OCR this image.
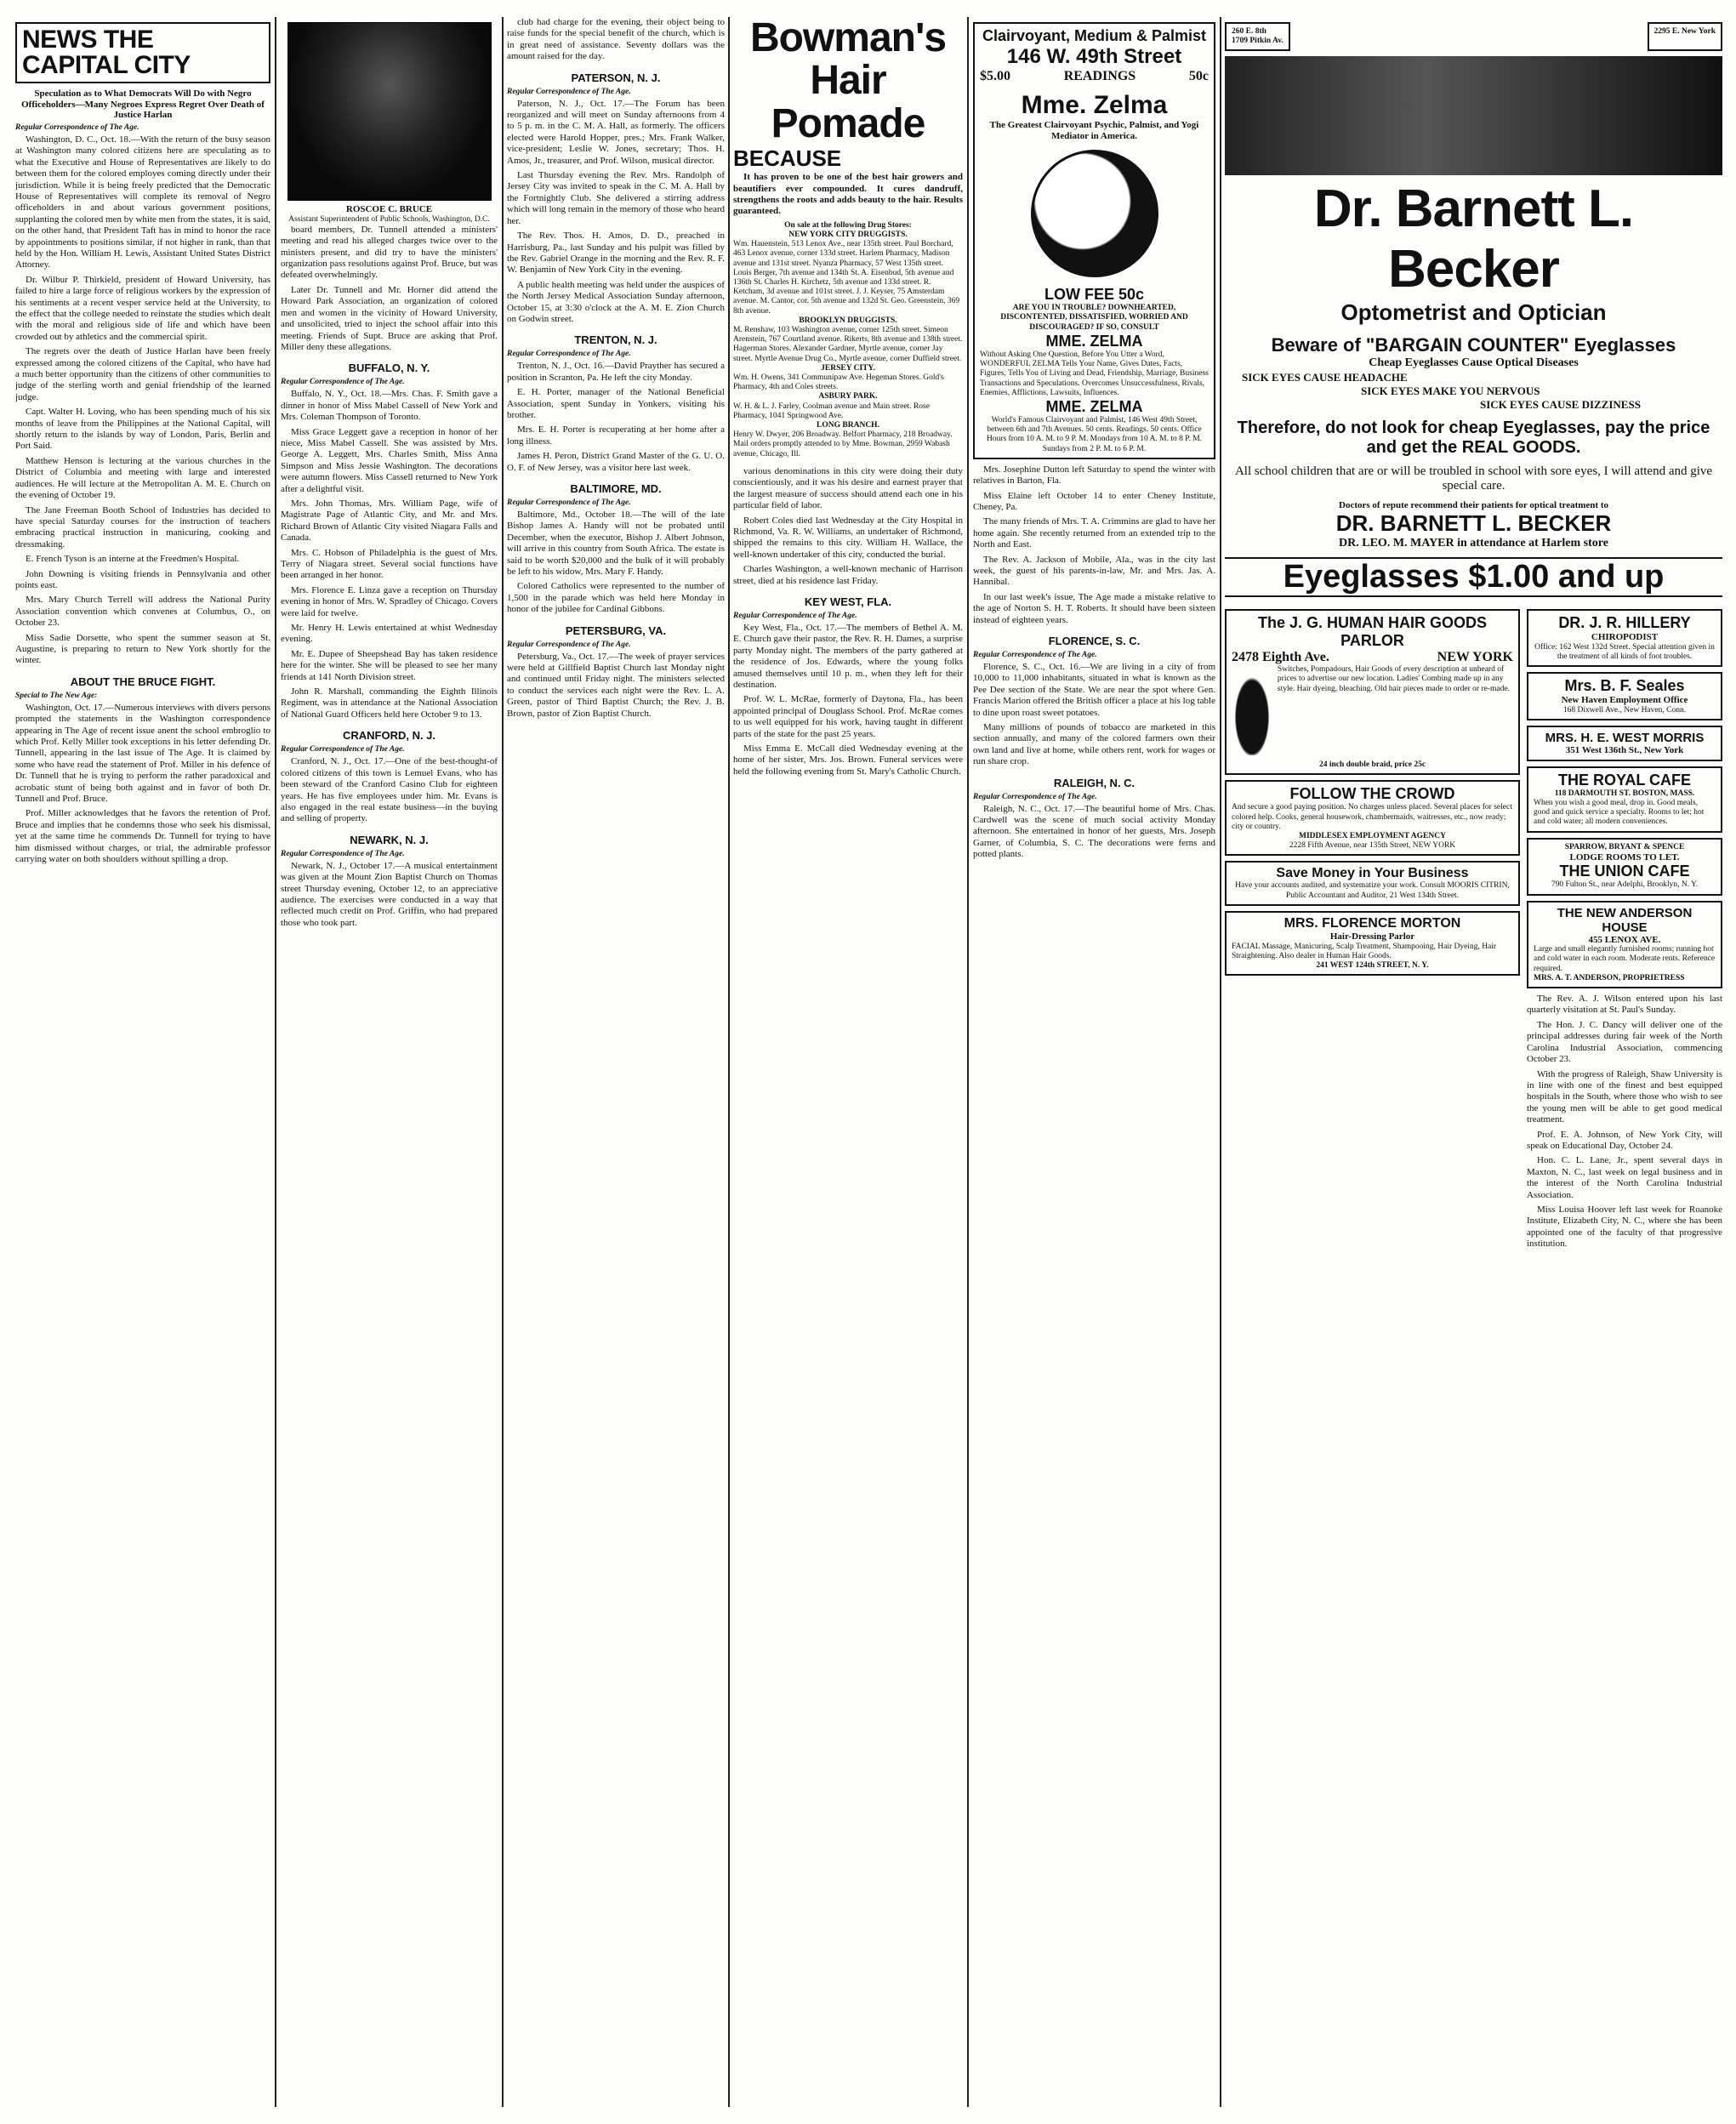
NEWS THE CAPITAL CITY
Speculation as to What Democrats Will Do with Negro Officeholders—Many Negroes Express Regret Over Death of Justice Harlan
Regular Correspondence of The Age.

Washington, D. C., Oct. 18.—With the return of the busy season at Washington many colored citizens here are speculating as to what the Executive and House of Representatives are likely to do between them for the colored employes coming directly under their jurisdiction. While it is being freely predicted that the Democratic House of Representatives will complete its removal of Negro officeholders in and about various government positions, supplanting the colored men by white men from the states, it is said, on the other hand, that President Taft has in mind to honor the race by appointments to positions similar, if not higher in rank, than that held by the Hon. William H. Lewis, Assistant United States District Attorney.

Dr. Wilbur P. Thirkield, president of Howard University, has failed to hire a large force of religious workers by the expression of his sentiments at a recent vesper service held at the University, to the effect that the college needed to reinstate the studies which dealt with the moral and religious side of life and which have been crowded out by athletics and the commercial spirit.

The regrets over the death of Justice Harlan have been freely expressed among the colored citizens of the Capital, who have had a much better opportunity than the citizens of other communities to judge of the sterling worth and genial friendship of the learned judge.

Capt. Walter H. Loving, who has been spending much of his six months of leave from the Philippines at the National Capital, will shortly return to the islands by way of London, Paris, Berlin and Port Said.

Matthew Henson is lecturing at the various churches in the District of Columbia and meeting with large and interested audiences. He will lecture at the Metropolitan A. M. E. Church on the evening of October 19.

The Jane Freeman Booth School of Industries has decided to have special Saturday courses for the instruction of teachers embracing practical instruction in manicuring, cooking and dressmaking.

E. French Tyson is an interne at the Freedmen's Hospital.

John Downing is visiting friends in Pennsylvania and other points east.

Mrs. Mary Church Terrell will address the National Purity Association convention which convenes at Columbus, O., on October 23.

Miss Sadie Dorsette, who spent the summer season at St. Augustine, is preparing to return to New York shortly for the winter.

ABOUT THE BRUCE FIGHT.
Special to The New Age:

Washington, Oct. 17.—Numerous interviews with divers persons prompted the statements in the Washington correspondence appearing in The Age of recent issue anent the school embroglio to which Prof. Kelly Miller took exceptions in his letter defending Dr. Tunnell, appearing in the last issue of The Age. It is claimed by some who have read the statement of Prof. Miller in his defence of Dr. Tunnell that he is trying to perform the rather paradoxical and acrobatic stunt of being both against and in favor of both Dr. Tunnell and Prof. Bruce.

Prof. Miller acknowledges that he favors the retention of Prof. Bruce and implies that he condemns those who seek his dismissal, yet at the same time he commends Dr. Tunnell for trying to have him dismissed without charges, or trial, the admirable professor carrying water on both shoulders without spilling a drop.

ROSCOE C. BRUCE
Assistant Superintendent of Public Schools, Washington, D.C.

board members, Dr. Tunnell attended a ministers' meeting and read his alleged charges twice over to the ministers present, and did try to have the ministers' organization pass resolutions against Prof. Bruce, but was defeated overwhelmingly.

Later Dr. Tunnell and Mr. Horner did attend the Howard Park Association, an organization of colored men and women in the vicinity of Howard University, and unsolicited, tried to inject the school affair into this meeting. Friends of Supt. Bruce are asking that Prof. Miller deny these allegations.

BUFFALO, N. Y.
Regular Correspondence of The Age.

Buffalo, N. Y., Oct. 18.—Mrs. Chas. F. Smith gave a dinner in honor of Miss Mabel Cassell of New York and Mrs. Coleman Thompson of Toronto.

Miss Grace Leggett gave a reception in honor of her niece, Miss Mabel Cassell. She was assisted by Mrs. George A. Leggett, Mrs. Charles Smith, Miss Anna Simpson and Miss Jessie Washington. The decorations were autumn flowers. Miss Cassell returned to New York after a delightful visit.

Mrs. John Thomas, Mrs. William Page, wife of Magistrate Page of Atlantic City, and Mr. and Mrs. Richard Brown of Atlantic City visited Niagara Falls and Canada.

Mrs. C. Hobson of Philadelphia is the guest of Mrs. Terry of Niagara street. Several social functions have been arranged in her honor.

Mrs. Florence E. Linza gave a reception on Thursday evening in honor of Mrs. W. Spradley of Chicago. Covers were laid for twelve.

Mr. Henry H. Lewis entertained at whist Wednesday evening.

Mr. E. Dupee of Sheepshead Bay has taken residence here for the winter. She will be pleased to see her many friends at 141 North Division street.

John R. Marshall, commanding the Eighth Illinois Regiment, was in attendance at the National Association of National Guard Officers held here October 9 to 13.

CRANFORD, N. J.
Regular Correspondence of The Age.

Cranford, N. J., Oct. 17.—One of the best-thought-of colored citizens of this town is Lemuel Evans, who has been steward of the Cranford Casino Club for eighteen years. He has five employees under him. Mr. Evans is also engaged in the real estate business—in the buying and selling of property.

NEWARK, N. J.
Regular Correspondence of The Age.

Newark, N. J., October 17.—A musical entertainment was given at the Mount Zion Baptist Church on Thomas street Thursday evening, October 12, to an appreciative audience. The exercises were conducted in a way that reflected much credit on Prof. Griffin, who had prepared those who took part.

club had charge for the evening, their object being to raise funds for the special benefit of the church, which is in great need of assistance. Seventy dollars was the amount raised for the day.

PATERSON, N. J.
Regular Correspondence of The Age.

Paterson, N. J., Oct. 17.—The Forum has been reorganized and will meet on Sunday afternoons from 4 to 5 p. m. in the C. M. A. Hall, as formerly. The officers elected were Harold Hopper, pres.; Mrs. Frank Walker, vice-president; Leslie W. Jones, secretary; Thos. H. Amos, Jr., treasurer, and Prof. Wilson, musical director.

Last Thursday evening the Rev. Mrs. Randolph of Jersey City was invited to speak in the C. M. A. Hall by the Fortnightly Club. She delivered a stirring address which will long remain in the memory of those who heard her.

The Rev. Thos. H. Amos, D. D., preached in Harrisburg, Pa., last Sunday and his pulpit was filled by the Rev. Gabriel Orange in the morning and the Rev. R. F. W. Benjamin of New York City in the evening.

A public health meeting was held under the auspices of the North Jersey Medical Association Sunday afternoon, October 15, at 3:30 o'clock at the A. M. E. Zion Church on Godwin street.

TRENTON, N. J.
Regular Correspondence of The Age.

Trenton, N. J., Oct. 16.—David Prayther has secured a position in Scranton, Pa. He left the city Monday.

E. H. Porter, manager of the National Beneficial Association, spent Sunday in Yonkers, visiting his brother.

Mrs. E. H. Porter is recuperating at her home after a long illness.

James H. Peron, District Grand Master of the G. U. O. O. F. of New Jersey, was a visitor here last week.

BALTIMORE, MD.
Regular Correspondence of The Age.

Baltimore, Md., October 18.—The will of the late Bishop James A. Handy will not be probated until December, when the executor, Bishop J. Albert Johnson, will arrive in this country from South Africa. The estate is said to be worth $20,000 and the bulk of it will probably be left to his widow, Mrs. Mary F. Handy.

Colored Catholics were represented to the number of 1,500 in the parade which was held here Monday in honor of the jubilee for Cardinal Gibbons.

PETERSBURG, VA.
Regular Correspondence of The Age.

Petersburg, Va., Oct. 17.—The week of prayer services were held at Gillfield Baptist Church last Monday night and continued until Friday night. The ministers selected to conduct the services each night were the Rev. L. A. Green, pastor of Third Baptist Church; the Rev. J. B. Brown, pastor of Zion Baptist Church.

Bowman's Hair Pomade
BECAUSE

It has proven to be one of the best hair growers and beautifiers ever compounded. It cures dandruff, strengthens the roots and adds beauty to the hair. Results guaranteed.

On sale at the following Drug Stores:
NEW YORK CITY DRUGGISTS.
Wm. Hauenstein, 513 Lenox Ave., near 135th street. Paul Borchard, 463 Lenox avenue, corner 133d street. Harlem Pharmacy, Madison avenue and 131st street. Nyanza Pharmacy, 57 West 135th street. Louis Berger, 7th avenue and 134th St. A. Eisenbud, 5th avenue and 136th St. Charles H. Kirchetz, 5th avenue and 133d street. R. Ketcham, 3d avenue and 101st street. J. J. Keyser, 75 Amsterdam avenue. M. Cantor, cor. 5th avenue and 132d St. Geo. Greenstein, 369 8th avenue.
BROOKLYN DRUGGISTS.
M. Renshaw, 103 Washington avenue, corner 125th street. Simeon Arenstein, 767 Courtland avenue. Rikerts, 8th avenue and 138th street. Hagerman Stores. Alexander Gardner, Myrtle avenue, corner Jay street. Myrtle Avenue Drug Co., Myrtle avenue, corner Duffield street.
JERSEY CITY.
Wm. H. Owens, 341 Communipaw Ave. Hegeman Stores. Gold's Pharmacy, 4th and Coles streets.
ASBURY PARK.
W. H. & L. J. Farley, Coolman avenue and Main street. Rose Pharmacy, 1041 Springwood Ave.
LONG BRANCH.
Henry W. Dwyer, 206 Broadway. Belfort Pharmacy, 218 Broadway. Mail orders promptly attended to by Mme. Bowman, 2959 Wabash avenue, Chicago, Ill.

various denominations in this city were doing their duty conscientiously, and it was his desire and earnest prayer that the largest measure of success should attend each one in his particular field of labor.

Robert Coles died last Wednesday at the City Hospital in Richmond, Va. R. W. Williams, an undertaker of Richmond, shipped the remains to this city. William H. Wallace, the well-known undertaker of this city, conducted the burial.

Charles Washington, a well-known mechanic of Harrison street, died at his residence last Friday.

KEY WEST, FLA.
Regular Correspondence of The Age.

Key West, Fla., Oct. 17.—The members of Bethel A. M. E. Church gave their pastor, the Rev. R. H. Dames, a surprise party Monday night. The members of the party gathered at the residence of Jos. Edwards, where the young folks amused themselves until 10 p. m., when they left for their destination.

Prof. W. L. McRae, formerly of Daytona, Fla., has been appointed principal of Douglass School. Prof. McRae comes to us well equipped for his work, having taught in different parts of the state for the past 25 years.

Miss Emma E. McCall died Wednesday evening at the home of her sister, Mrs. Jos. Brown. Funeral services were held the following evening from St. Mary's Catholic Church.

Clairvoyant, Medium & Palmist
146 W. 49th Street
$5.00	READINGS	50c
Mme. Zelma
The Greatest Clairvoyant Psychic, Palmist, and Yogi Mediator in America.
LOW FEE 50c
ARE YOU IN TROUBLE? DOWNHEARTED, DISCONTENTED, DISSATISFIED, WORRIED AND DISCOURAGED? IF SO, CONSULT
MME. ZELMA
Without Asking One Question, Before You Utter a Word, WONDERFUL ZELMA Tells Your Name, Gives Dates, Facts, Figures, Tells You of Living and Dead, Friendship, Marriage, Business Transactions and Speculations. Overcomes Unsuccessfulness, Rivals, Enemies, Afflictions, Lawsuits, Influences.
MME. ZELMA
World's Famous Clairvoyant and Palmist, 146 West 49th Street, between 6th and 7th Avenues. 50 cents. Readings. 50 cents. Office Hours from 10 A. M. to 9 P. M. Mondays from 10 A. M. to 8 P. M. Sundays from 2 P. M. to 6 P. M.

Mrs. Josephine Dutton left Saturday to spend the winter with relatives in Barton, Fla.

Miss Elaine left October 14 to enter Cheney Institute, Cheney, Pa.

The many friends of Mrs. T. A. Crimmins are glad to have her home again. She recently returned from an extended trip to the North and East.

The Rev. A. Jackson of Mobile, Ala., was in the city last week, the guest of his parents-in-law, Mr. and Mrs. Jas. A. Hannibal.

In our last week's issue, The Age made a mistake relative to the age of Norton S. H. T. Roberts. It should have been sixteen instead of eighteen years.

FLORENCE, S. C.
Regular Correspondence of The Age.

Florence, S. C., Oct. 16.—We are living in a city of from 10,000 to 11,000 inhabitants, situated in what is known as the Pee Dee section of the State. We are near the spot where Gen. Francis Marion offered the British officer a place at his log table to dine upon roast sweet potatoes.

Many millions of pounds of tobacco are marketed in this section annually, and many of the colored farmers own their own land and live at home, while others rent, work for wages or run share crop.

RALEIGH, N. C.
Regular Correspondence of The Age.

Raleigh, N. C., Oct. 17.—The beautiful home of Mrs. Chas. Cardwell was the scene of much social activity Monday afternoon. She entertained in honor of her guests, Mrs. Joseph Garner, of Columbia, S. C. The decorations were ferns and potted plants.

260 E. 8th
1709 Pitkin Av.
2295 E. New York
Dr. Barnett L. Becker
Optometrist and Optician
Beware of "BARGAIN COUNTER" Eyeglasses
Cheap Eyeglasses Cause Optical Diseases
SICK EYES CAUSE HEADACHE
SICK EYES MAKE YOU NERVOUS
SICK EYES CAUSE DIZZINESS
Therefore, do not look for cheap Eyeglasses, pay the price and get the REAL GOODS.
All school children that are or will be troubled in school with sore eyes, I will attend and give special care.
Doctors of repute recommend their patients for optical treatment to
DR. BARNETT L. BECKER
DR. LEO. M. MAYER in attendance at Harlem store
Eyeglasses $1.00 and up
The J. G. HUMAN HAIR GOODS PARLOR
2478 Eighth Ave.	NEW YORK
Switches, Pompadours, Hair Goods of every description at unheard of prices to advertise our new location. Ladies' Combing made up in any style. Hair dyeing, bleaching. Old hair pieces made to order or re-made.
24 inch double braid, price 25c
FOLLOW THE CROWD
And secure a good paying position. No charges unless placed. Several places for select colored help. Cooks, general housework, chambermaids, waitresses, etc., now ready; city or country.
MIDDLESEX EMPLOYMENT AGENCY
2228 Fifth Avenue, near 135th Street, NEW YORK
Save Money in Your Business
Have your accounts audited, and systematize your work. Consult MOORIS CITRIN, Public Accountant and Auditor, 21 West 134th Street.
MRS. FLORENCE MORTON
Hair-Dressing Parlor
FACIAL Massage, Manicuring, Scalp Treatment, Shampooing, Hair Dyeing, Hair Straightening. Also dealer in Human Hair Goods.
241 WEST 124th STREET, N. Y.
DR. J. R. HILLERY
CHIROPODIST
Office: 162 West 132d Street. Special attention given in the treatment of all kinds of foot troubles.
Mrs. B. F. Seales
New Haven Employment Office
168 Dixwell Ave., New Haven, Conn.
MRS. H. E. WEST MORRIS
351 West 136th St., New York
THE ROYAL CAFE
118 DARMOUTH ST. BOSTON, MASS.
When you wish a good meal, drop in. Good meals, good and quick service a specialty. Rooms to let; hot and cold water; all modern conveniences.
SPARROW, BRYANT & SPENCE
LODGE ROOMS TO LET.
THE UNION CAFE
790 Fulton St., near Adelphi, Brooklyn, N. Y.
THE NEW ANDERSON HOUSE
455 LENOX AVE.
Large and small elegantly furnished rooms; running hot and cold water in each room. Moderate rents. Reference required.
MRS. A. T. ANDERSON, PROPRIETRESS

The Rev. A. J. Wilson entered upon his last quarterly visitation at St. Paul's Sunday.

The Hon. J. C. Dancy will deliver one of the principal addresses during fair week of the North Carolina Industrial Association, commencing October 23.

With the progress of Raleigh, Shaw University is in line with one of the finest and best equipped hospitals in the South, where those who wish to see the young men will be able to get good medical treatment.

Prof. E. A. Johnson, of New York City, will speak on Educational Day, October 24.

Hon. C. L. Lane, Jr., spent several days in Maxton, N. C., last week on legal business and in the interest of the North Carolina Industrial Association.

Miss Louisa Hoover left last week for Roanoke Institute, Elizabeth City, N. C., where she has been appointed one of the faculty of that progressive institution.
